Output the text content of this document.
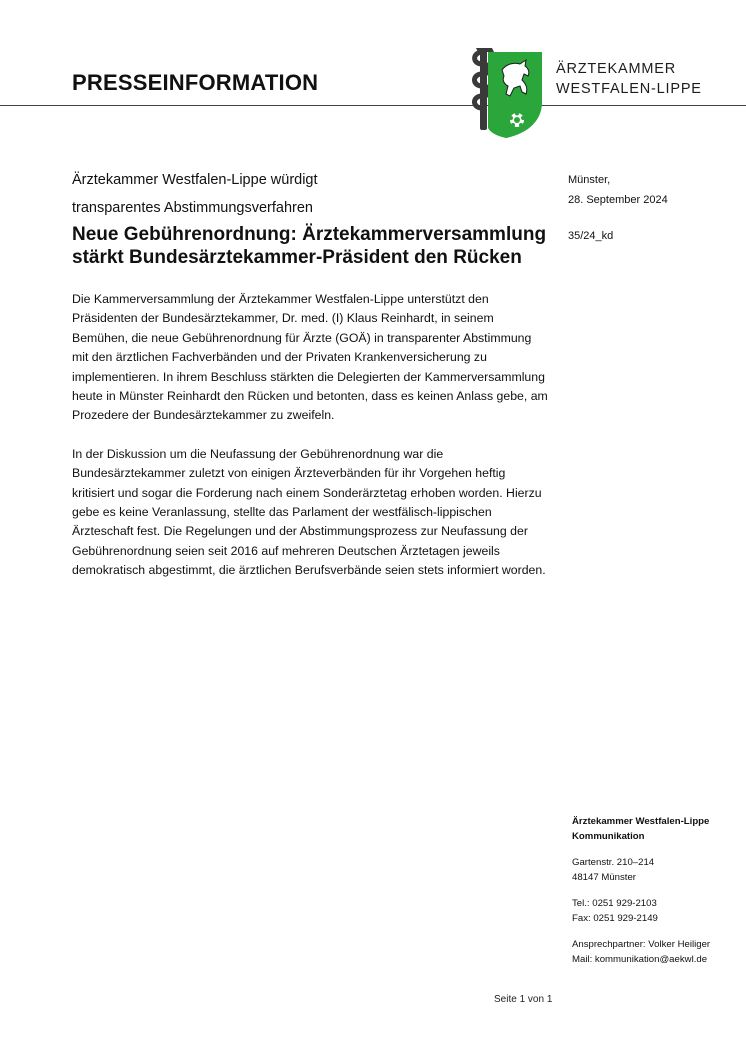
PRESSEINFORMATION
ÄRZTEKAMMER
WESTFALEN-LIPPE
Ärztekammer Westfalen-Lippe würdigt
transparentes Abstimmungsverfahren
Neue Gebührenordnung: Ärztekammerversammlung stärkt Bundesärztekammer-Präsident den Rücken
Münster,
28. September 2024
35/24_kd

Die Kammerversammlung der Ärztekammer Westfalen-Lippe unterstützt den Präsidenten der Bundesärztekammer, Dr. med. (I) Klaus Reinhardt, in seinem Bemühen, die neue Gebührenordnung für Ärzte (GOÄ) in transparenter Abstimmung mit den ärztlichen Fachverbänden und der Privaten Krankenversicherung zu implementieren. In ihrem Beschluss stärkten die Delegierten der Kammerversammlung heute in Münster Reinhardt den Rücken und betonten, dass es keinen Anlass gebe, am Prozedere der Bundesärztekammer zu zweifeln.

In der Diskussion um die Neufassung der Gebührenordnung war die Bundesärztekammer zuletzt von einigen Ärzteverbänden für ihr Vorgehen heftig kritisiert und sogar die Forderung nach einem Sonderärztetag erhoben worden. Hierzu gebe es keine Veranlassung, stellte das Parlament der westfälisch-lippischen Ärzteschaft fest. Die Regelungen und der Abstimmungsprozess zur Neufassung der Gebührenordnung seien seit 2016 auf mehreren Deutschen Ärztetagen jeweils demokratisch abgestimmt, die ärztlichen Berufsverbände seien stets informiert worden.

Ärztekammer Westfalen-Lippe
Kommunikation
Gartenstr. 210–214
48147 Münster
Tel.: 0251 929-2103
Fax: 0251 929-2149
Ansprechpartner: Volker Heiliger
Mail: kommunikation@aekwl.de
Seite 1 von 1
